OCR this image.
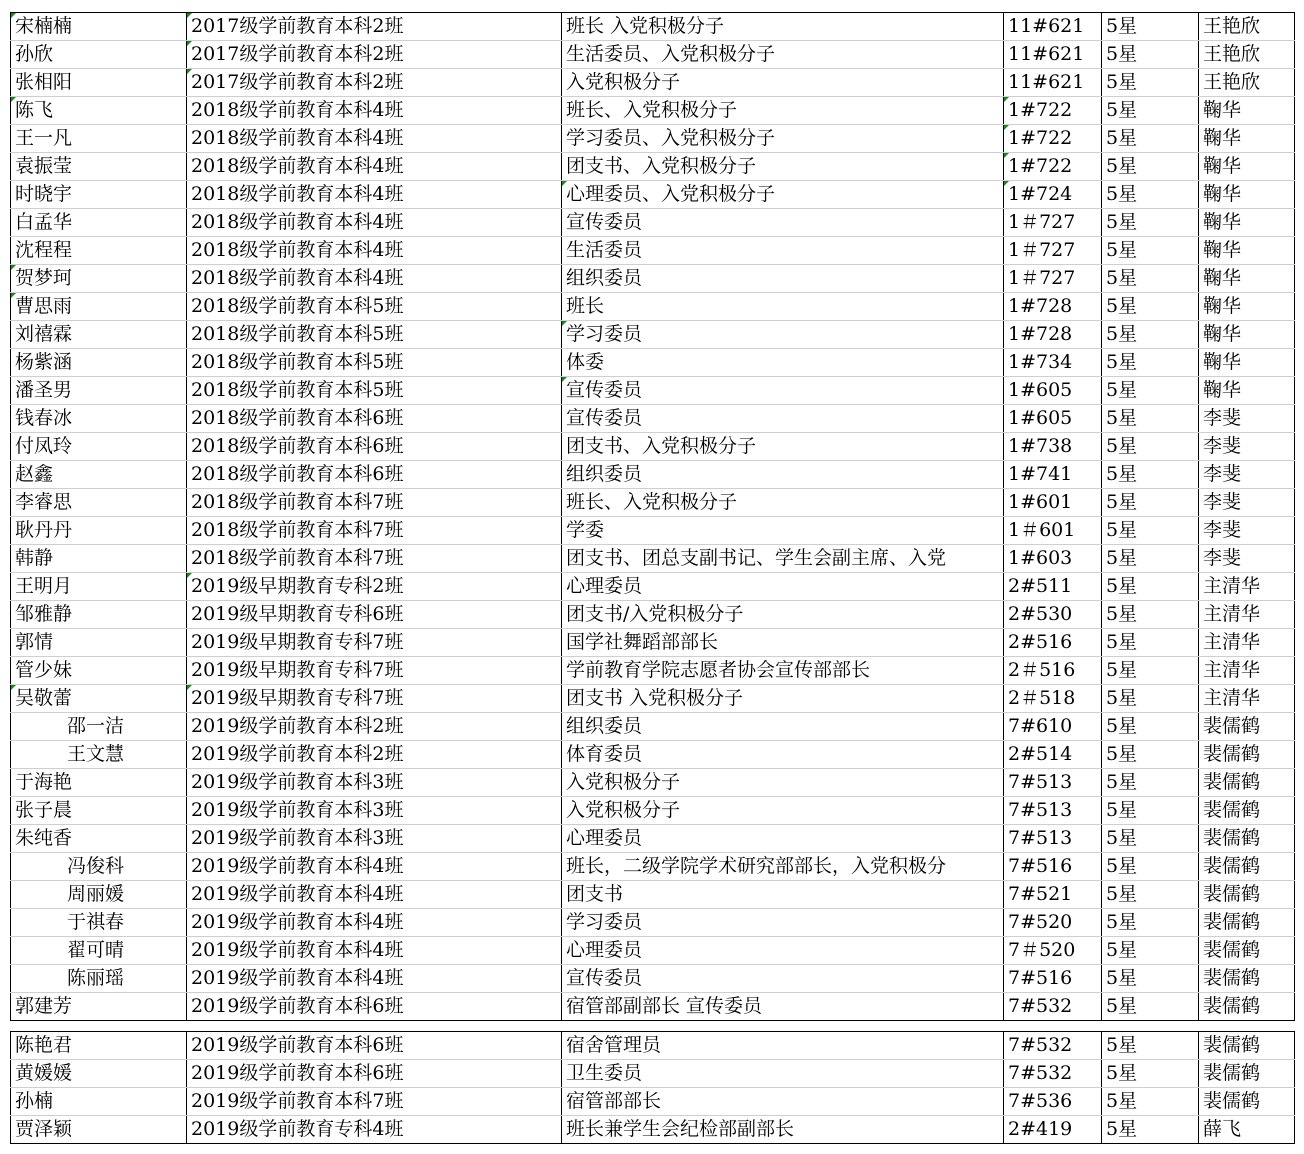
宋楠楠	2017级学前教育本科2班	班长 入党积极分子	11#621	5星	王艳欣
孙欣	2017级学前教育本科2班	生活委员、入党积极分子	11#621	5星	王艳欣
张相阳	2017级学前教育本科2班	入党积极分子	11#621	5星	王艳欣
陈飞	2018级学前教育本科4班	班长、入党积极分子	1#722	5星	鞠华
王一凡	2018级学前教育本科4班	学习委员、入党积极分子	1#722	5星	鞠华
袁振莹	2018级学前教育本科4班	团支书、入党积极分子	1#722	5星	鞠华
时晓宇	2018级学前教育本科4班	心理委员、入党积极分子	1#724	5星	鞠华
白孟华	2018级学前教育本科4班	宣传委员	1＃727	5星	鞠华
沈程程	2018级学前教育本科4班	生活委员	1＃727	5星	鞠华
贺梦珂	2018级学前教育本科4班	组织委员	1＃727	5星	鞠华
曹思雨	2018级学前教育本科5班	班长	1#728	5星	鞠华
刘禧霖	2018级学前教育本科5班	学习委员	1#728	5星	鞠华
杨紫涵	2018级学前教育本科5班	体委	1#734	5星	鞠华
潘圣男	2018级学前教育本科5班	宣传委员	1#605	5星	鞠华
钱春冰	2018级学前教育本科6班	宣传委员	1#605	5星	李斐
付凤玲	2018级学前教育本科6班	团支书、入党积极分子	1#738	5星	李斐
赵鑫	2018级学前教育本科6班	组织委员	1#741	5星	李斐
李睿思	2018级学前教育本科7班	班长、入党积极分子	1#601	5星	李斐
耿丹丹	2018级学前教育本科7班	学委	1＃601	5星	李斐
韩静	2018级学前教育本科7班	团支书、团总支副书记、学生会副主席、入党	1#603	5星	李斐
王明月	2019级早期教育专科2班	心理委员	2#511	5星	主清华
邹雅静	2019级早期教育专科6班	团支书/入党积极分子	2#530	5星	主清华
郭情	2019级早期教育专科7班	国学社舞蹈部部长	2#516	5星	主清华
管少妹	2019级早期教育专科7班	学前教育学院志愿者协会宣传部部长	2＃516	5星	主清华
吴敬蕾	2019级早期教育专科7班	团支书 入党积极分子	2＃518	5星	主清华
邵一洁	2019级学前教育本科2班	组织委员	7#610	5星	裴儒鹤
王文慧	2019级学前教育本科2班	体育委员	2#514	5星	裴儒鹤
于海艳	2019级学前教育本科3班	入党积极分子	7#513	5星	裴儒鹤
张子晨	2019级学前教育本科3班	入党积极分子	7#513	5星	裴儒鹤
朱纯香	2019级学前教育本科3班	心理委员	7#513	5星	裴儒鹤
冯俊科	2019级学前教育本科4班	班长，二级学院学术研究部部长，入党积极分	7#516	5星	裴儒鹤
周丽媛	2019级学前教育本科4班	团支书	7#521	5星	裴儒鹤
于祺春	2019级学前教育本科4班	学习委员	7#520	5星	裴儒鹤
翟可晴	2019级学前教育本科4班	心理委员	7＃520	5星	裴儒鹤
陈丽瑶	2019级学前教育本科4班	宣传委员	7#516	5星	裴儒鹤
郭建芳	2019级学前教育本科6班	宿管部副部长 宣传委员	7#532	5星	裴儒鹤
陈艳君	2019级学前教育本科6班	宿舍管理员	7#532	5星	裴儒鹤
黄媛媛	2019级学前教育本科6班	卫生委员	7#532	5星	裴儒鹤
孙楠	2019级学前教育本科7班	宿管部部长	7#536	5星	裴儒鹤
贾泽颖	2019级学前教育专科4班	班长兼学生会纪检部副部长	2#419	5星	薛飞
